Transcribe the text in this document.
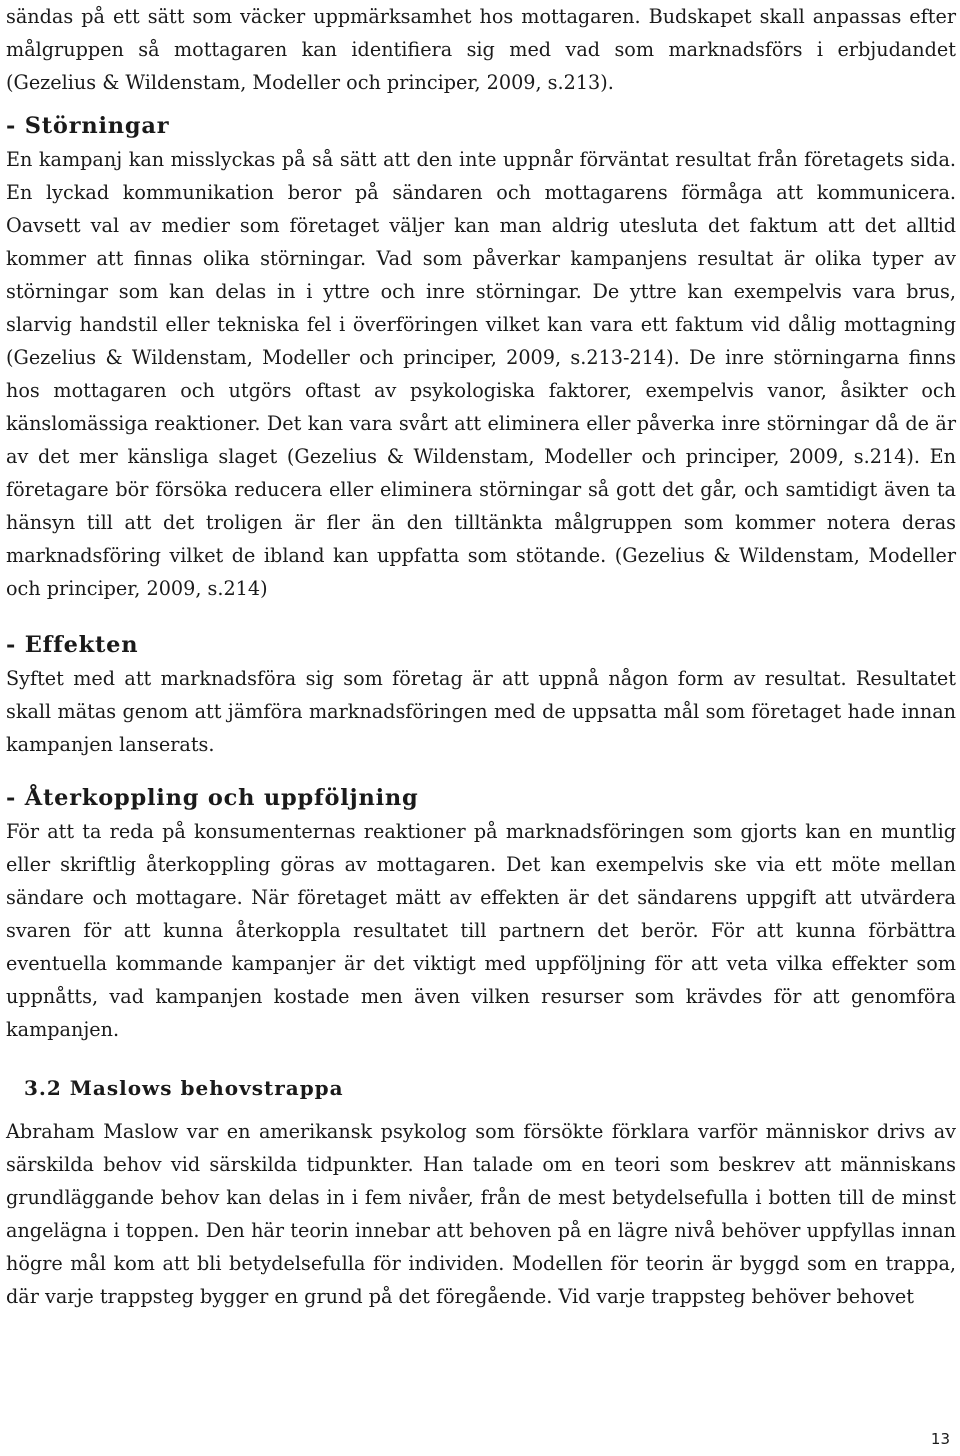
sändas på ett sätt som väcker uppmärksamhet hos mottagaren. Budskapet skall anpassas efter målgruppen så mottagaren kan identifiera sig med vad som marknadsförs i erbjudandet (Gezelius & Wildenstam, Modeller och principer, 2009, s.213).

- Störningar

En kampanj kan misslyckas på så sätt att den inte uppnår förväntat resultat från företagets sida. En lyckad kommunikation beror på sändaren och mottagarens förmåga att kommunicera. Oavsett val av medier som företaget väljer kan man aldrig utesluta det faktum att det alltid kommer att finnas olika störningar. Vad som påverkar kampanjens resultat är olika typer av störningar som kan delas in i yttre och inre störningar. De yttre kan exempelvis vara brus, slarvig handstil eller tekniska fel i överföringen vilket kan vara ett faktum vid dålig mottagning (Gezelius & Wildenstam, Modeller och principer, 2009, s.213-214). De inre störningarna finns hos mottagaren och utgörs oftast av psykologiska faktorer, exempelvis vanor, åsikter och känslomässiga reaktioner. Det kan vara svårt att eliminera eller påverka inre störningar då de är av det mer känsliga slaget (Gezelius & Wildenstam, Modeller och principer, 2009, s.214). En företagare bör försöka reducera eller eliminera störningar så gott det går, och samtidigt även ta hänsyn till att det troligen är fler än den tilltänkta målgruppen som kommer notera deras marknadsföring vilket de ibland kan uppfatta som stötande. (Gezelius & Wildenstam, Modeller och principer, 2009, s.214)

- Effekten

Syftet med att marknadsföra sig som företag är att uppnå någon form av resultat. Resultatet skall mätas genom att jämföra marknadsföringen med de uppsatta mål som företaget hade innan kampanjen lanserats.

- Återkoppling och uppföljning

För att ta reda på konsumenternas reaktioner på marknadsföringen som gjorts kan en muntlig eller skriftlig återkoppling göras av mottagaren. Det kan exempelvis ske via ett möte mellan sändare och mottagare. När företaget mätt av effekten är det sändarens uppgift att utvärdera svaren för att kunna återkoppla resultatet till partnern det berör. För att kunna förbättra eventuella kommande kampanjer är det viktigt med uppföljning för att veta vilka effekter som uppnåtts, vad kampanjen kostade men även vilken resurser som krävdes för att genomföra kampanjen.

3.2 Maslows behovstrappa

Abraham Maslow var en amerikansk psykolog som försökte förklara varför människor drivs av särskilda behov vid särskilda tidpunkter. Han talade om en teori som beskrev att människans grundläggande behov kan delas in i fem nivåer, från de mest betydelsefulla i botten till de minst angelägna i toppen. Den här teorin innebar att behoven på en lägre nivå behöver uppfyllas innan högre mål kom att bli betydelsefulla för individen. Modellen för teorin är byggd som en trappa, där varje trappsteg bygger en grund på det föregående. Vid varje trappsteg behöver behovet

13
